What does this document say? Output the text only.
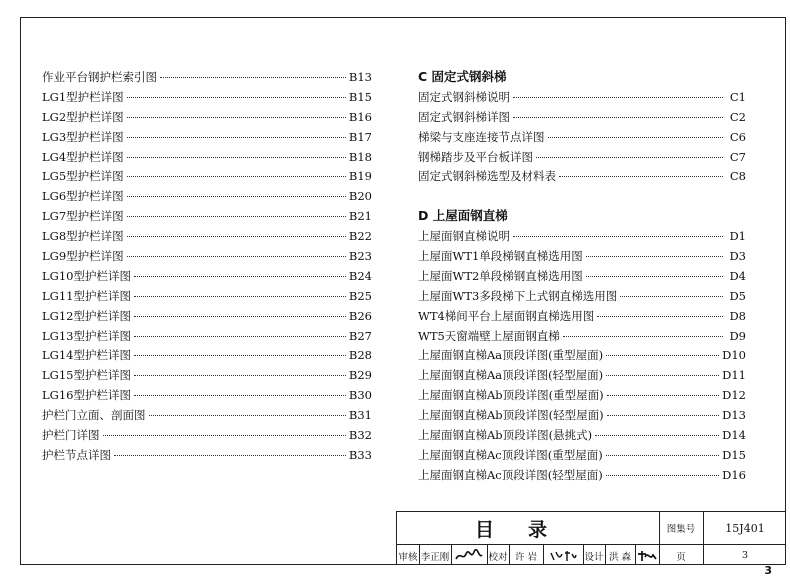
作业平台钢护栏索引图	B13
LG1型护栏详图	B15
LG2型护栏详图	B16
LG3型护栏详图	B17
LG4型护栏详图	B18
LG5型护栏详图	B19
LG6型护栏详图	B20
LG7型护栏详图	B21
LG8型护栏详图	B22
LG9型护栏详图	B23
LG10型护栏详图	B24
LG11型护栏详图	B25
LG12型护栏详图	B26
LG13型护栏详图	B27
LG14型护栏详图	B28
LG15型护栏详图	B29
LG16型护栏详图	B30
护栏门立面、剖面图	B31
护栏门详图	B32
护栏节点详图	B33
C 固定式钢斜梯
固定式钢斜梯说明	C1
固定式钢斜梯详图	C2
梯梁与支座连接节点详图	C6
钢梯踏步及平台板详图	C7
固定式钢斜梯选型及材料表	C8
D 上屋面钢直梯
上屋面钢直梯说明	D1
上屋面WT1单段梯钢直梯选用图	D3
上屋面WT2单段梯钢直梯选用图	D4
上屋面WT3多段梯下上式钢直梯选用图	D5
WT4梯间平台上屋面钢直梯选用图	D8
WT5天窗端壁上屋面钢直梯	D9
上屋面钢直梯Aa顶段详图(重型屋面)	D10
上屋面钢直梯Aa顶段详图(轻型屋面)	D11
上屋面钢直梯Ab顶段详图(重型屋面)	D12
上屋面钢直梯Ab顶段详图(轻型屋面)	D13
上屋面钢直梯Ab顶段详图(悬挑式)	D14
上屋面钢直梯Ac顶段详图(重型屋面)	D15
上屋面钢直梯Ac顶段详图(轻型屋面)	D16
目录	图集号	15J401
审核 李正刚	校对 许 岩	设计 洪 森	页	3
3
